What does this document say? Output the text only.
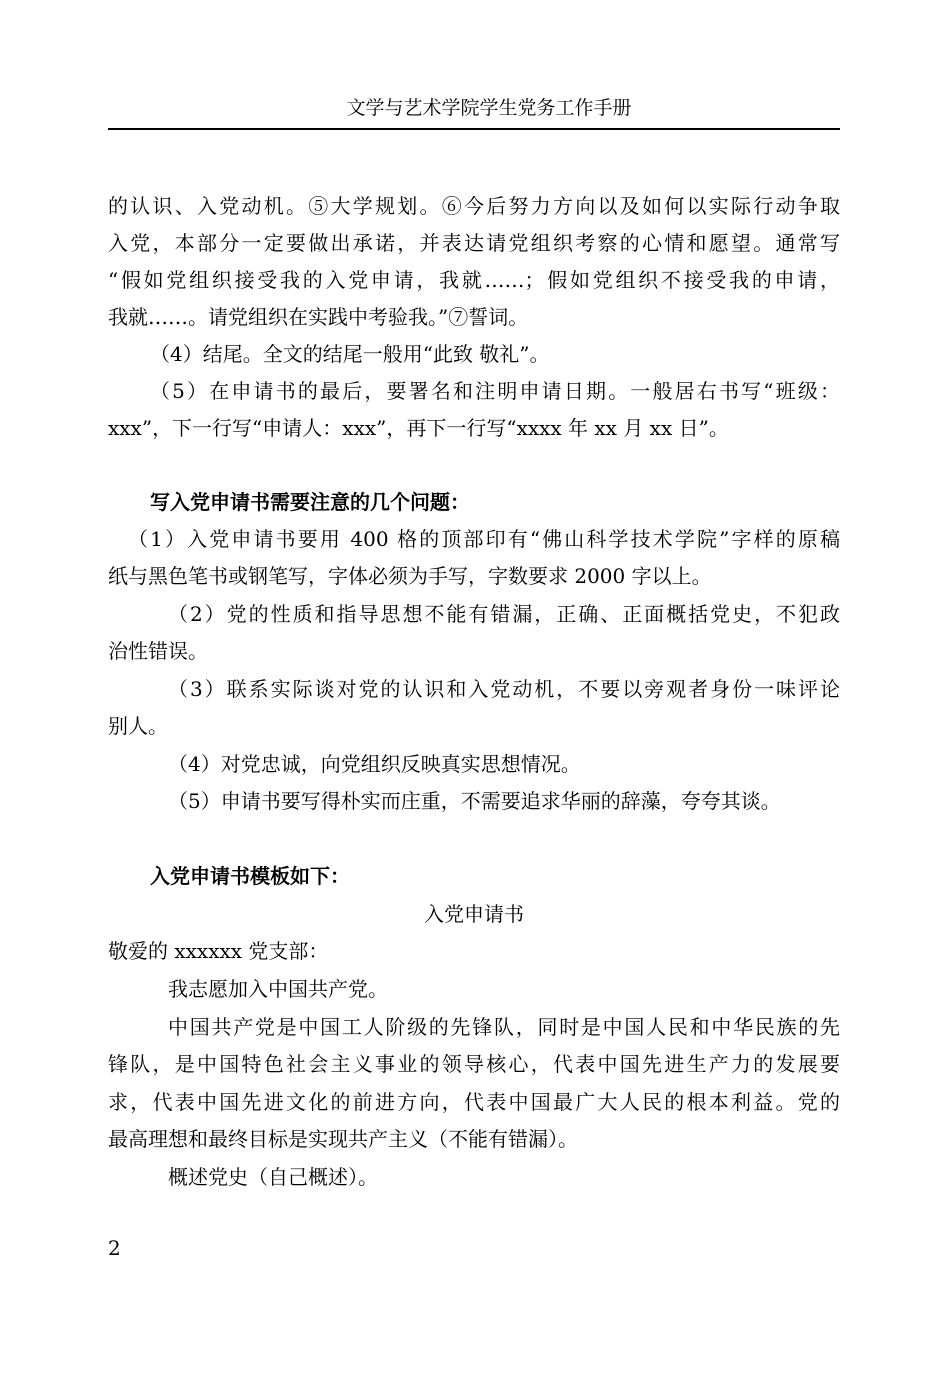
文学与艺术学院学生党务工作手册
的认识、入党动机。⑤大学规划。⑥今后努力方向以及如何以实际行动争取
入党，本部分一定要做出承诺，并表达请党组织考察的心情和愿望。通常写
“假如党组织接受我的入党申请，我就……；假如党组织不接受我的申请，
我就……。请党组织在实践中考验我。”⑦誓词。
（4）结尾。全文的结尾一般用“此致 敬礼”。
（5）在申请书的最后，要署名和注明申请日期。一般居右书写“班级：
xxx”，下一行写“申请人：xxx”，再下一行写“xxxx 年 xx 月 xx 日”。
写入党申请书需要注意的几个问题：
（1）入党申请书要用 400 格的顶部印有“佛山科学技术学院”字样的原稿
纸与黑色笔书或钢笔写，字体必须为手写，字数要求 2000 字以上。
（2）党的性质和指导思想不能有错漏，正确、正面概括党史，不犯政
治性错误。
（3）联系实际谈对党的认识和入党动机，不要以旁观者身份一味评论
别人。
（4）对党忠诚，向党组织反映真实思想情况。
（5）申请书要写得朴实而庄重，不需要追求华丽的辞藻，夸夸其谈。
入党申请书模板如下：
入党申请书
敬爱的 xxxxxx 党支部：
我志愿加入中国共产党。
中国共产党是中国工人阶级的先锋队，同时是中国人民和中华民族的先
锋队，是中国特色社会主义事业的领导核心，代表中国先进生产力的发展要
求，代表中国先进文化的前进方向，代表中国最广大人民的根本利益。党的
最高理想和最终目标是实现共产主义（不能有错漏）。
概述党史（自己概述）。
2
